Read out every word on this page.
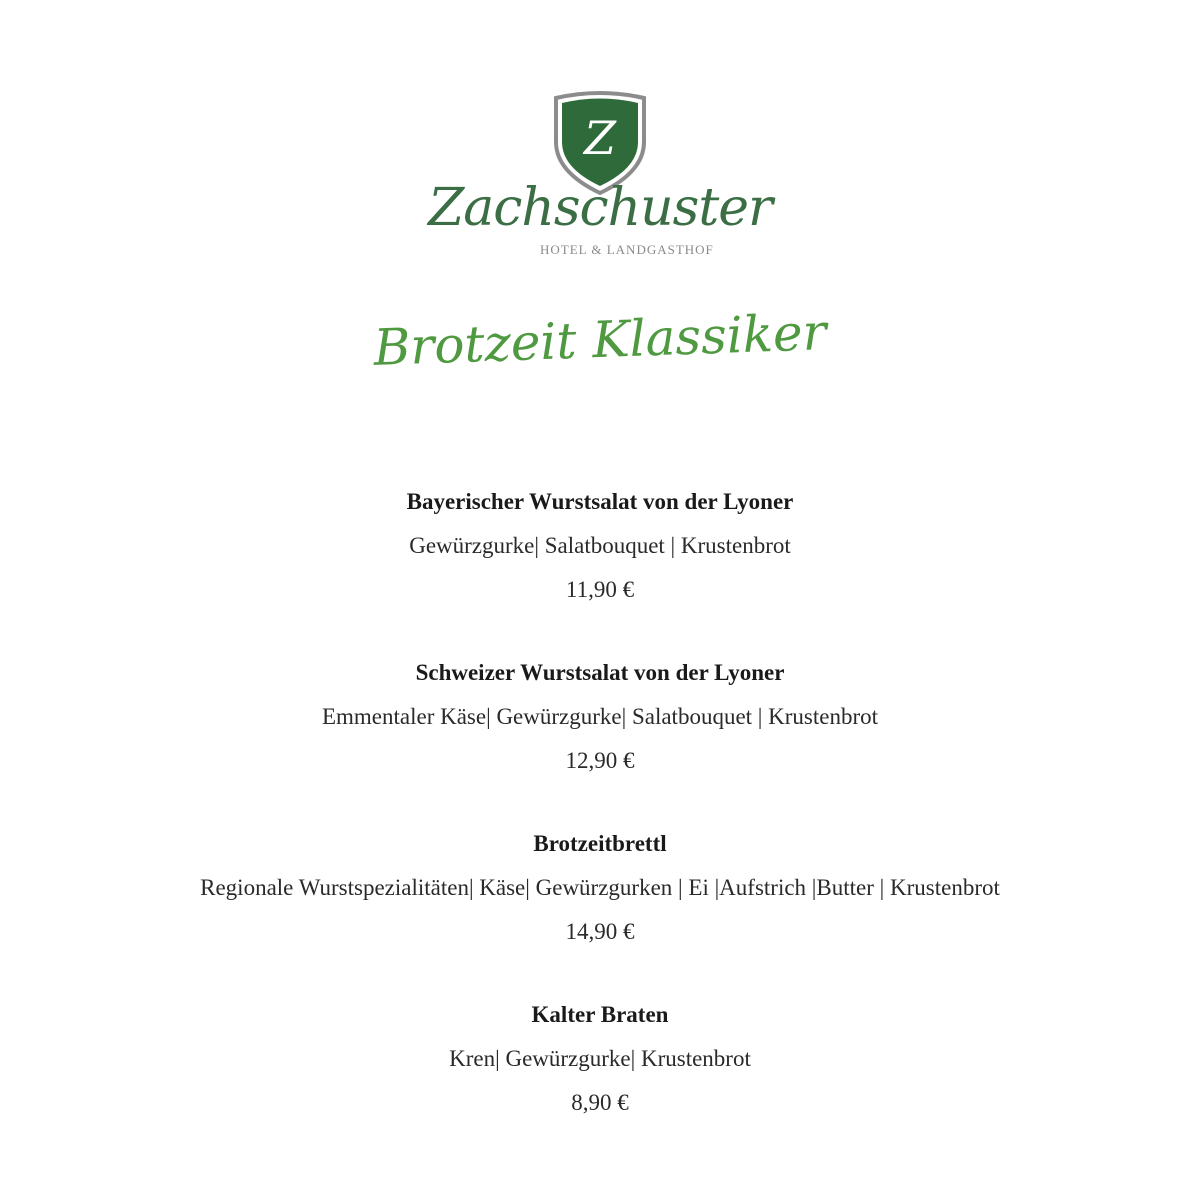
Z
Zachschuster
HOTEL & LANDGASTHOF
Brotzeit Klassiker
Bayerischer Wurstsalat von der Lyoner
Gewürzgurke| Salatbouquet | Krustenbrot
11,90 €
Schweizer Wurstsalat von der Lyoner
Emmentaler Käse| Gewürzgurke| Salatbouquet | Krustenbrot
12,90 €
Brotzeitbrettl
Regionale Wurstspezialitäten| Käse| Gewürzgurken | Ei |Aufstrich |Butter | Krustenbrot
14,90 €
Kalter Braten
Kren| Gewürzgurke| Krustenbrot
8,90 €
